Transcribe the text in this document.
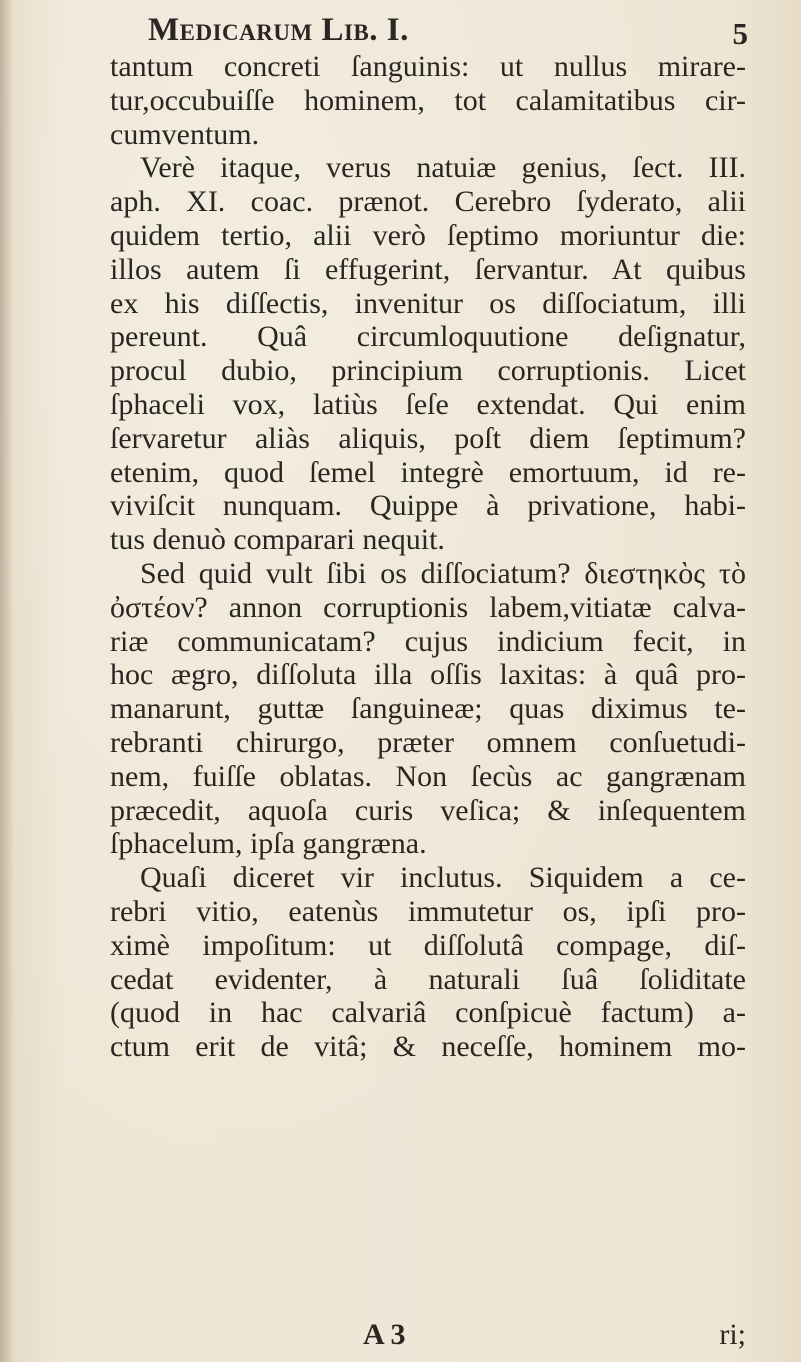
Medicarum Lib. I.	5
tantum concreti ſanguinis: ut nullus mirare-
tur,occubuiſſe hominem, tot calamitatibus cir-
cumventum.
Verè itaque, verus natuiæ genius, ſect. III.
aph. XI. coac. prænot. Cerebro ſyderato, alii
quidem tertio, alii verò ſeptimo moriuntur die:
illos autem ſi effugerint, ſervantur. At quibus
ex his diſſectis, invenitur os diſſociatum, illi
pereunt. Quâ circumloquutione deſignatur,
procul dubio, principium corruptionis. Licet
ſphaceli vox, latiùs ſeſe extendat. Qui enim
ſervaretur aliàs aliquis, poſt diem ſeptimum?
etenim, quod ſemel integrè emortuum, id re-
viviſcit nunquam. Quippe à privatione, habi-
tus denuò comparari nequit.
Sed quid vult ſibi os diſſociatum? διεστηκὸς τὸ
ὀστέον? annon corruptionis labem,vitiatæ calva-
riæ communicatam? cujus indicium fecit, in
hoc ægro, diſſoluta illa oſſis laxitas: à quâ pro-
manarunt, guttæ ſanguineæ; quas diximus te-
rebranti chirurgo, præter omnem conſuetudi-
nem, fuiſſe oblatas. Non ſecùs ac gangrænam
præcedit, aquoſa curis veſica; & inſequentem
ſphacelum, ipſa gangræna.
Quaſi diceret vir inclutus. Siquidem a ce-
rebri vitio, eatenùs immutetur os, ipſi pro-
ximè impoſitum: ut diſſolutâ compage, diſ-
cedat evidenter, à naturali ſuâ ſoliditate
(quod in hac calvariâ conſpicuè factum) a-
ctum erit de vitâ; & neceſſe, hominem mo-
A 3	ri;
